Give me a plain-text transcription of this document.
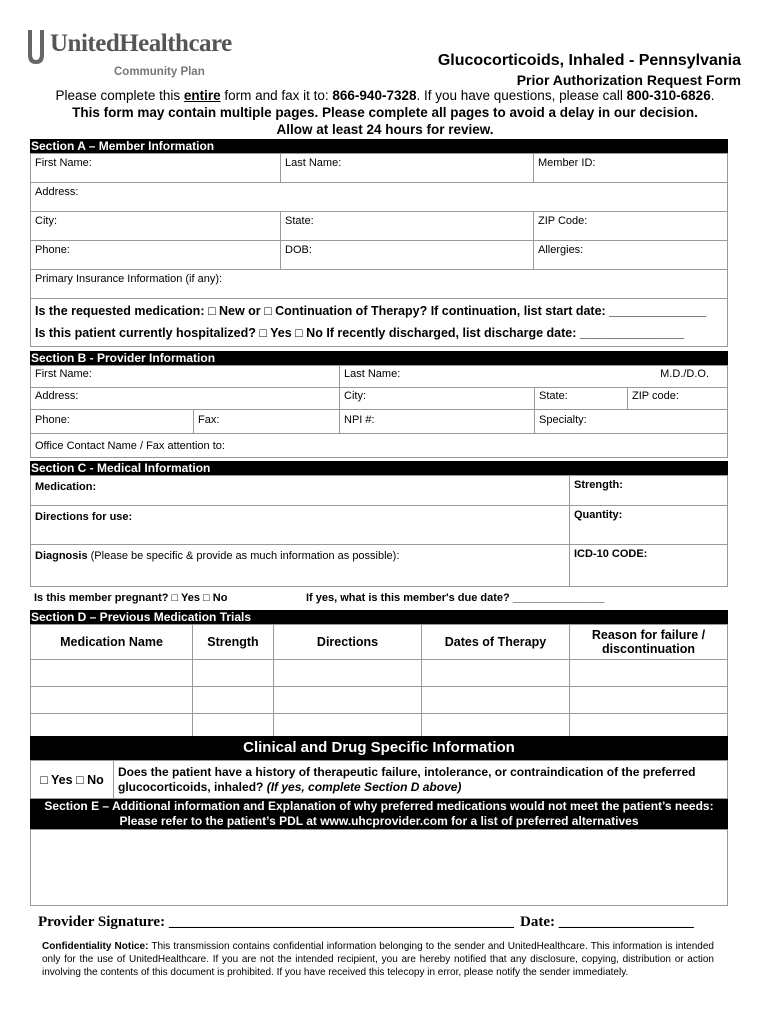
UnitedHealthcare
Community Plan
Glucocorticoids, Inhaled - Pennsylvania
Prior Authorization Request Form
Please complete this entire form and fax it to: 866-940-7328. If you have questions, please call 800-310-6826.
This form may contain multiple pages. Please complete all pages to avoid a delay in our decision.
Allow at least 24 hours for review.
Section A – Member Information
First Name:	Last Name:	Member ID:
Address:		
City:	State:	ZIP Code:
Phone:	DOB:	Allergies:
Primary Insurance Information (if any):		
Is the requested medication: □ New or □ Continuation of Therapy? If continuation, list start date: ______________		
Is this patient currently hospitalized? □ Yes □ No If recently discharged, list discharge date: _______________		
Section B - Provider Information
First Name:		Last Name:		M.D./D.O.
Address:		City:	State:	ZIP code:
Phone:	Fax:	NPI #:	Specialty:	
Office Contact Name / Fax attention to:				
Section C - Medical Information
Medication:	Strength:
Directions for use:	Quantity:
Diagnosis (Please be specific & provide as much information as possible):	ICD-10 CODE:
Is this member pregnant? □ Yes □ No	If yes, what is this member's due date? _______________
Section D – Previous Medication Trials
Medication Name	Strength	Directions	Dates of Therapy	Reason for failure / discontinuation

Clinical and Drug Specific Information
□ Yes □ No	Does the patient have a history of therapeutic failure, intolerance, or contraindication of the preferred glucocorticoids, inhaled? (If yes, complete Section D above)
Section E – Additional information and Explanation of why preferred medications would not meet the patient’s needs:
Please refer to the patient’s PDL at www.uhcprovider.com for a list of preferred alternatives
Provider Signature: ______________________________________________ Date: __________________
Confidentiality Notice: This transmission contains confidential information belonging to the sender and UnitedHealthcare. This information is intended only for the use of UnitedHealthcare. If you are not the intended recipient, you are hereby notified that any disclosure, copying, distribution or action involving the contents of this document is prohibited. If you have received this telecopy in error, please notify the sender immediately.
